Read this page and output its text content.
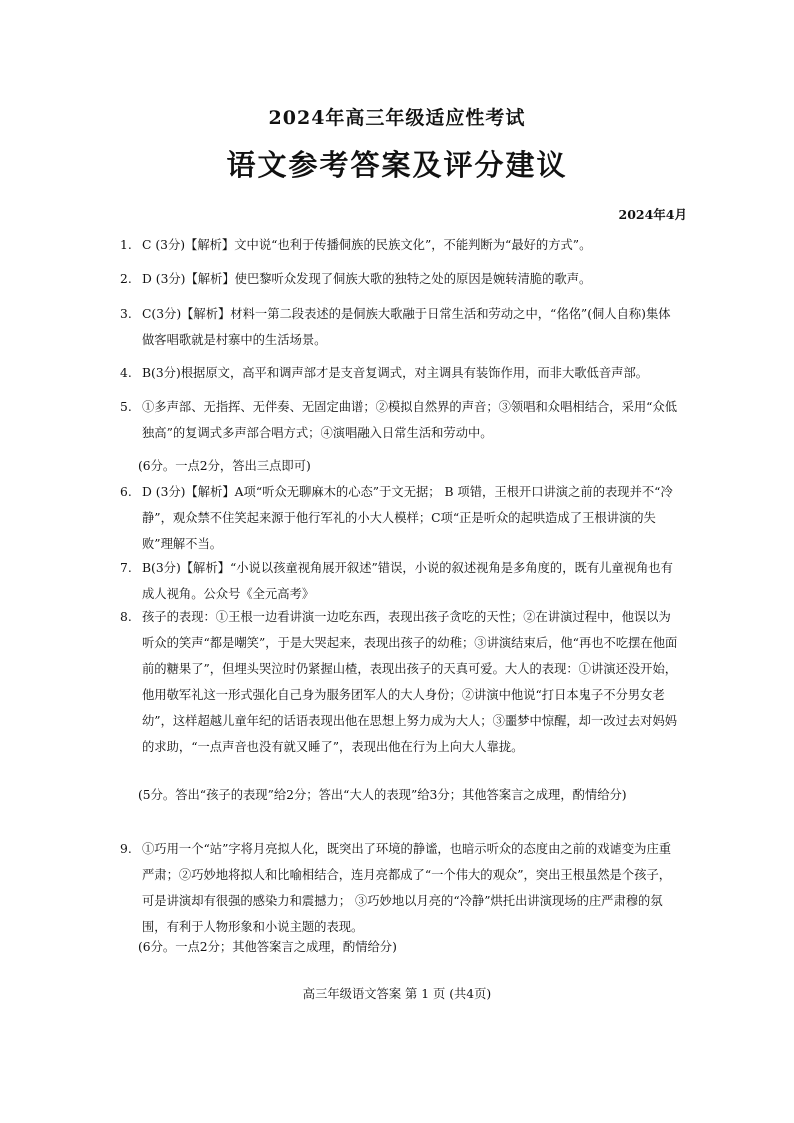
2024年高三年级适应性考试
语文参考答案及评分建议
2024年4月
1. C (3分)【解析】文中说“也利于传播侗族的民族文化”，不能判断为“最好的方式”。
2. D (3分)【解析】使巴黎听众发现了侗族大歌的独特之处的原因是婉转清脆的歌声。
3. C(3分)【解析】材料一第二段表述的是侗族大歌融于日常生活和劳动之中，“佲佲”(侗人自称)集体做客唱歌就是村寨中的生活场景。
4. B(3分)根据原文，高平和调声部才是支音复调式，对主调具有装饰作用，而非大歌低音声部。
5. ①多声部、无指挥、无伴奏、无固定曲谱；②模拟自然界的声音；③领唱和众唱相结合，采用“众低独高”的复调式多声部合唱方式；④演唱融入日常生活和劳动中。
(6分。一点2分，答出三点即可)
6. D (3分)【解析】A项“听众无聊麻木的心态”于文无据； B 项错，王根开口讲演之前的表现并不“冷静”，观众禁不住笑起来源于他行军礼的小大人模样；C项“正是听众的起哄造成了王根讲演的失败”理解不当。
7. B(3分)【解析】“小说以孩童视角展开叙述”错误，小说的叙述视角是多角度的，既有儿童视角也有成人视角。公众号《全元高考》
8. 孩子的表现：①王根一边看讲演一边吃东西，表现出孩子贪吃的天性；②在讲演过程中，他误以为听众的笑声“都是嘲笑”，于是大哭起来，表现出孩子的幼稚；③讲演结束后，他“再也不吃摆在他面前的糖果了”，但埋头哭泣时仍紧握山楂，表现出孩子的天真可爱。大人的表现：①讲演还没开始，他用敬军礼这一形式强化自己身为服务团军人的大人身份；②讲演中他说“打日本鬼子不分男女老幼”，这样超越儿童年纪的话语表现出他在思想上努力成为大人；③噩梦中惊醒，却一改过去对妈妈的求助，“一点声音也没有就又睡了”，表现出他在行为上向大人靠拢。
(5分。答出“孩子的表现”给2分；答出“大人的表现”给3分；其他答案言之成理，酌情给分)
9. ①巧用一个“站”字将月亮拟人化，既突出了环境的静谧，也暗示听众的态度由之前的戏谑变为庄重严肃；②巧妙地将拟人和比喻相结合，连月亮都成了“一个伟大的观众”，突出王根虽然是个孩子，可是讲演却有很强的感染力和震撼力； ③巧妙地以月亮的“冷静”烘托出讲演现场的庄严肃穆的氛围，有利于人物形象和小说主题的表现。
(6分。一点2分；其他答案言之成理，酌情给分)
高三年级语文答案 第 1 页 (共4页)
